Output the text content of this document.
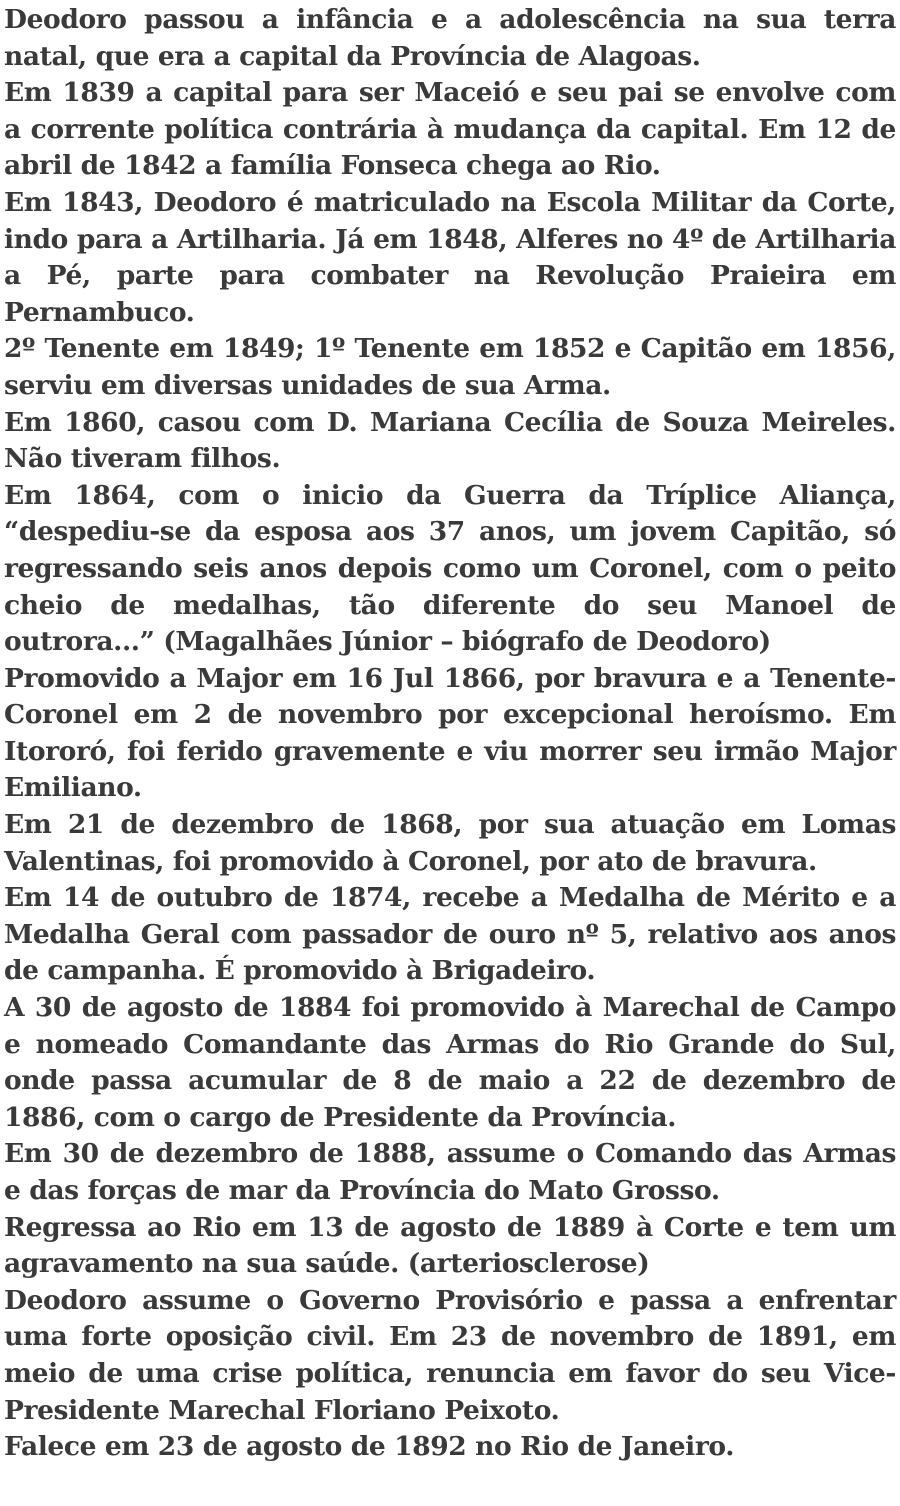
Deodoro passou a infância e a adolescência na sua terra natal, que era a capital da Província de Alagoas.

Em 1839 a capital para ser Maceió e seu pai se envolve com a corrente política contrária à mudança da capital. Em 12 de abril de 1842 a família Fonseca chega ao Rio.

Em 1843, Deodoro é matriculado na Escola Militar da Corte, indo para a Artilharia. Já em 1848, Alferes no 4º de Artilharia a Pé, parte para combater na Revolução Praieira em Pernambuco.

2º Tenente em 1849; 1º Tenente em 1852 e Capitão em 1856, serviu em diversas unidades de sua Arma.

Em 1860, casou com D. Mariana Cecília de Souza Meireles. Não tiveram filhos.

Em 1864, com o inicio da Guerra da Tríplice Aliança, “despediu-se da esposa aos 37 anos, um jovem Capitão, só regressando seis anos depois como um Coronel, com o peito cheio de medalhas, tão diferente do seu Manoel de outrora...” (Magalhães Júnior – biógrafo de Deodoro)

Promovido a Major em 16 Jul 1866, por bravura e a Tenente-Coronel em 2 de novembro por excepcional heroísmo. Em Itororó, foi ferido gravemente e viu morrer seu irmão Major Emiliano.

Em 21 de dezembro de 1868, por sua atuação em Lomas Valentinas, foi promovido à Coronel, por ato de bravura.

Em 14 de outubro de 1874, recebe a Medalha de Mérito e a Medalha Geral com passador de ouro nº 5, relativo aos anos de campanha. É promovido à Brigadeiro.

A 30 de agosto de 1884 foi promovido à Marechal de Campo e nomeado Comandante das Armas do Rio Grande do Sul, onde passa acumular de 8 de maio a 22 de dezembro de 1886, com o cargo de Presidente da Província.

Em 30 de dezembro de 1888, assume o Comando das Armas e das forças de mar da Província do Mato Grosso.

Regressa ao Rio em 13 de agosto de 1889 à Corte e tem um agravamento na sua saúde. (arteriosclerose)

Deodoro assume o Governo Provisório e passa a enfrentar uma forte oposição civil. Em 23 de novembro de 1891, em meio de uma crise política, renuncia em favor do seu Vice-Presidente Marechal Floriano Peixoto.

Falece em 23 de agosto de 1892 no Rio de Janeiro.
